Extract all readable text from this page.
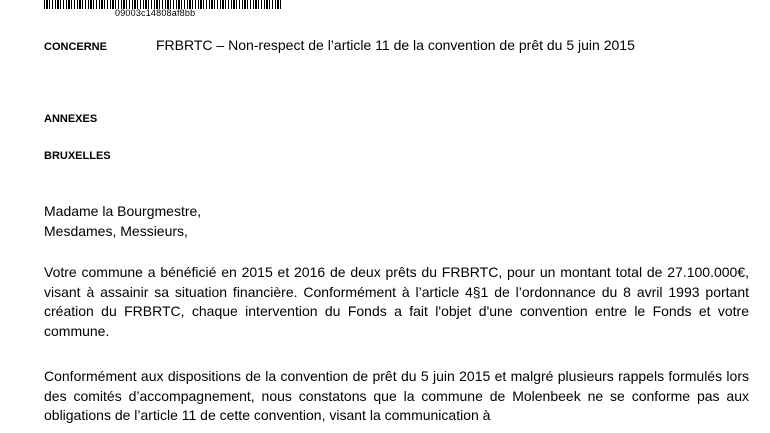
09003c14808af8bb
CONCERNE	FRBRTC – Non-respect de l’article 11 de la convention de prêt du 5 juin 2015
ANNEXES
BRUXELLES
Madame la Bourgmestre,
Mesdames, Messieurs,

Votre commune a bénéficié en 2015 et 2016 de deux prêts du FRBRTC, pour un montant total de 27.100.000€, visant à assainir sa situation financière. Conformément à l’article 4§1 de l’ordonnance du 8 avril 1993 portant création du FRBRTC, chaque intervention du Fonds a fait l'objet d'une convention entre le Fonds et votre commune.

Conformément aux dispositions de la convention de prêt du 5 juin 2015 et malgré plusieurs rappels formulés lors des comités d’accompagnement, nous constatons que la commune de Molenbeek ne se conforme pas aux obligations de l’article 11 de cette convention, visant la communication à
